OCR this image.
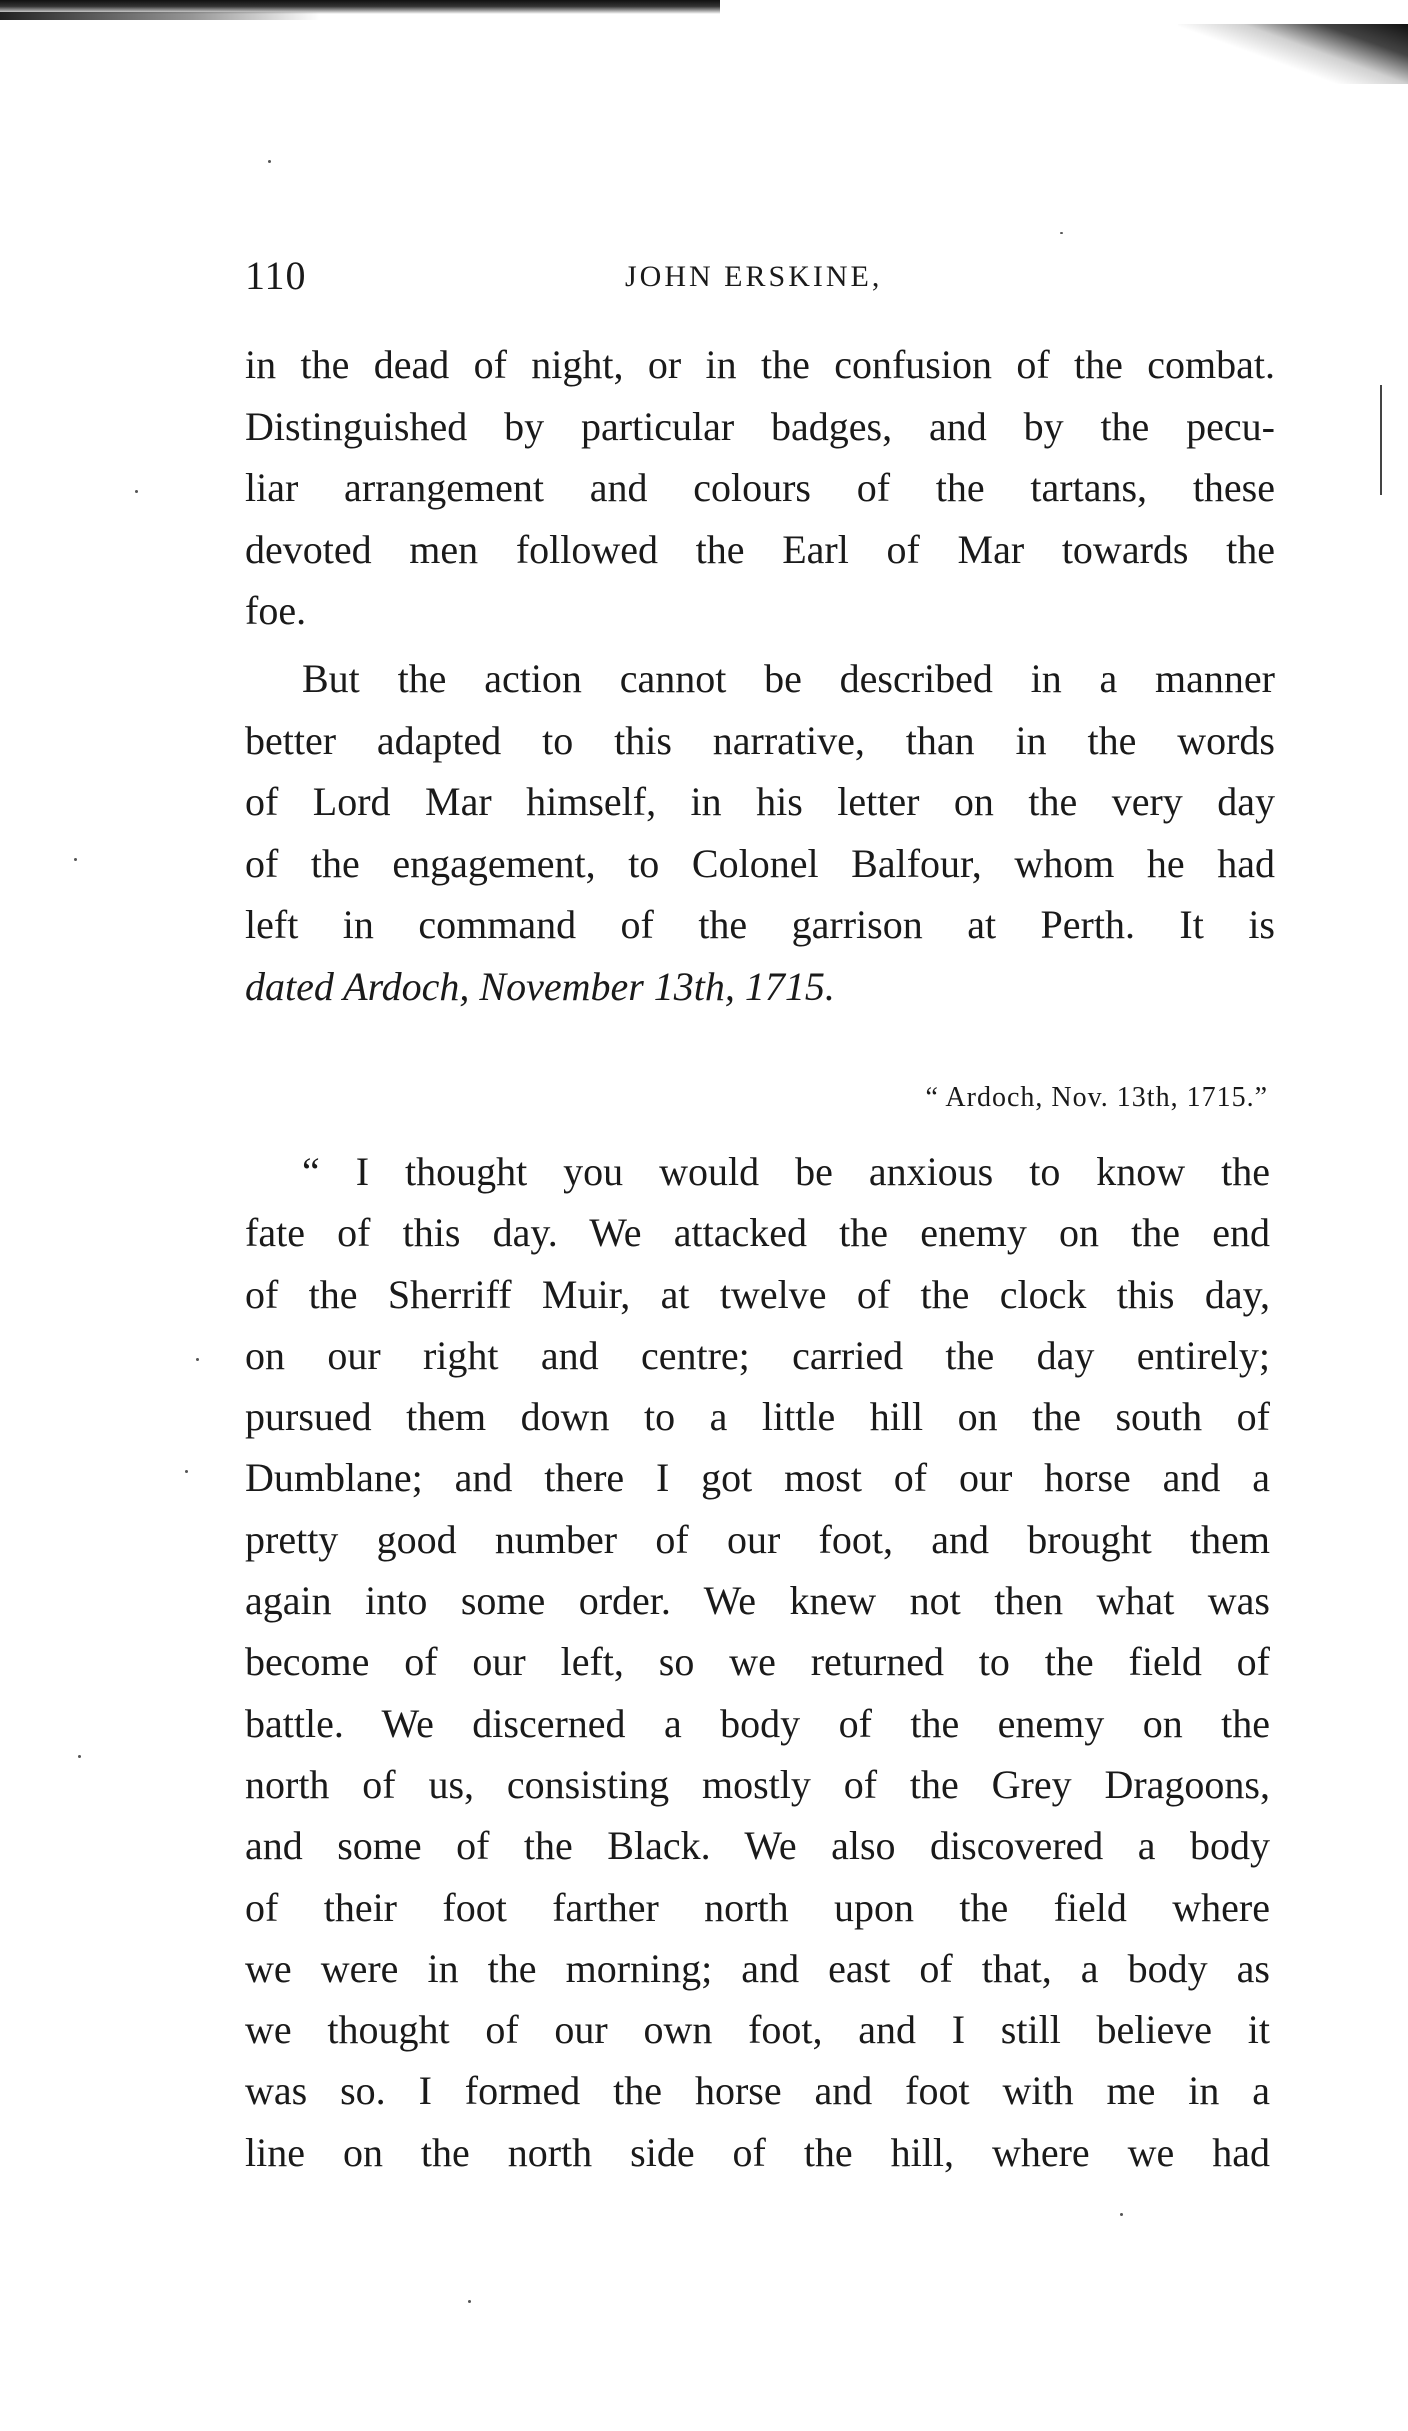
110	JOHN ERSKINE,
in the dead of night, or in the confusion of the combat.
Distinguished by particular badges, and by the pecu-
liar arrangement and colours of the tartans, these
devoted men followed the Earl of Mar towards the
foe.
But the action cannot be described in a manner
better adapted to this narrative, than in the words
of Lord Mar himself, in his letter on the very day
of the engagement, to Colonel Balfour, whom he had
left in command of the garrison at Perth. It is
dated Ardoch, November 13th, 1715.
“ Ardoch, Nov. 13th, 1715.”
“ I thought you would be anxious to know the
fate of this day. We attacked the enemy on the end
of the Sherriff Muir, at twelve of the clock this day,
on our right and centre; carried the day entirely;
pursued them down to a little hill on the south of
Dumblane; and there I got most of our horse and a
pretty good number of our foot, and brought them
again into some order. We knew not then what was
become of our left, so we returned to the field of
battle. We discerned a body of the enemy on the
north of us, consisting mostly of the Grey Dragoons,
and some of the Black. We also discovered a body
of their foot farther north upon the field where
we were in the morning; and east of that, a body as
we thought of our own foot, and I still believe it
was so. I formed the horse and foot with me in a
line on the north side of the hill, where we had
